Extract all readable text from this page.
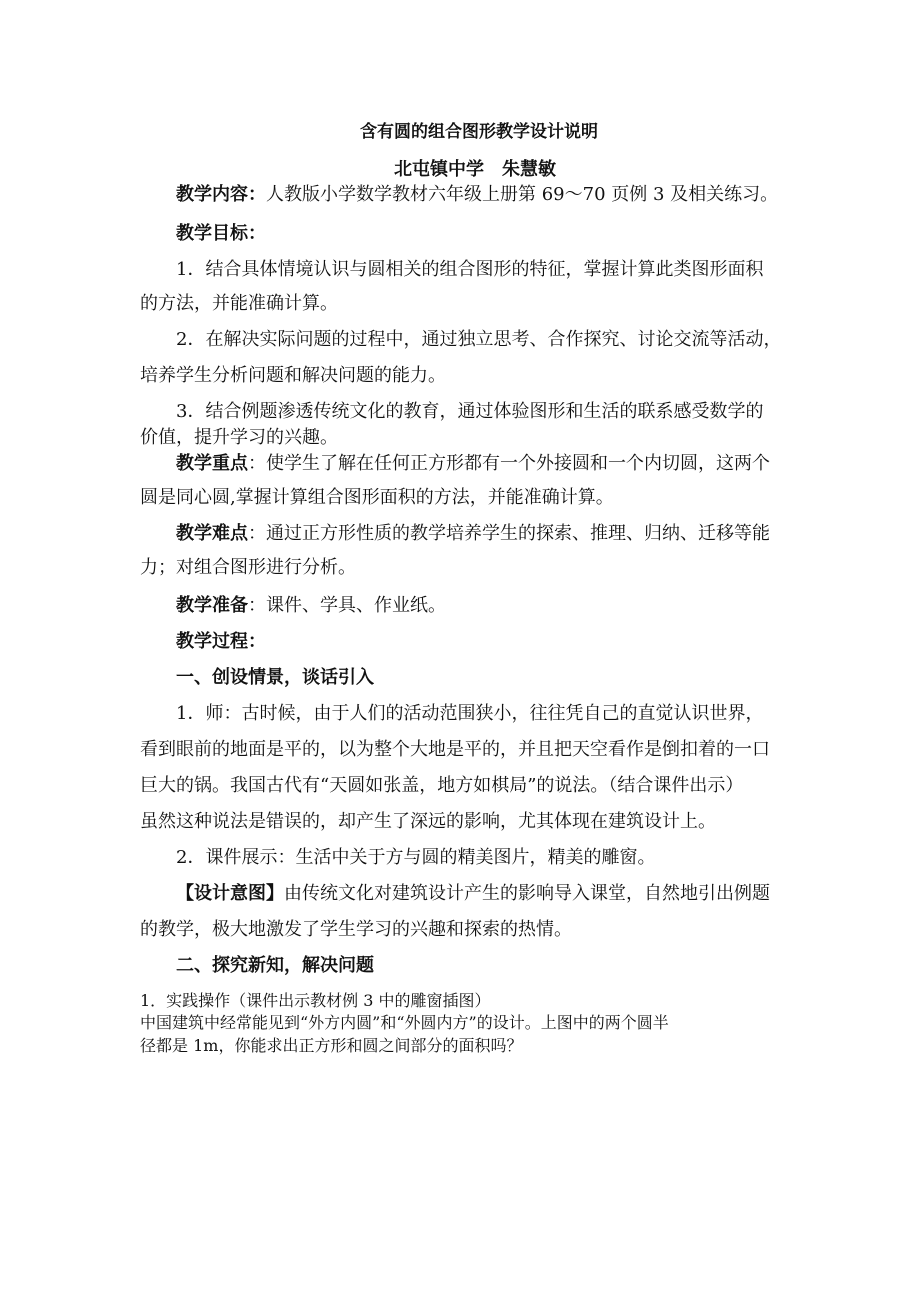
含有圆的组合图形教学设计说明
北屯镇中学　朱慧敏
教学内容：人教版小学数学教材六年级上册第 69～70 页例 3 及相关练习。
教学目标：
1．结合具体情境认识与圆相关的组合图形的特征，掌握计算此类图形面积
的方法，并能准确计算。
2．在解决实际问题的过程中，通过独立思考、合作探究、讨论交流等活动，
培养学生分析问题和解决问题的能力。
3．结合例题渗透传统文化的教育，通过体验图形和生活的联系感受数学的
价值，提升学习的兴趣。
教学重点：使学生了解在任何正方形都有一个外接圆和一个内切圆，这两个
圆是同心圆,掌握计算组合图形面积的方法，并能准确计算。
教学难点：通过正方形性质的教学培养学生的探索、推理、归纳、迁移等能
力；对组合图形进行分析。
教学准备：课件、学具、作业纸。
教学过程：
一、创设情景，谈话引入
1．师：古时候，由于人们的活动范围狭小，往往凭自己的直觉认识世界，
看到眼前的地面是平的，以为整个大地是平的，并且把天空看作是倒扣着的一口
巨大的锅。我国古代有“天圆如张盖，地方如棋局”的说法。（结合课件出示）
虽然这种说法是错误的，却产生了深远的影响，尤其体现在建筑设计上。
2．课件展示：生活中关于方与圆的精美图片，精美的雕窗。
【设计意图】由传统文化对建筑设计产生的影响导入课堂，自然地引出例题
的教学，极大地激发了学生学习的兴趣和探索的热情。
二、探究新知，解决问题
1．实践操作（课件出示教材例 3 中的雕窗插图）
中国建筑中经常能见到“外方内圆”和“外圆内方”的设计。上图中的两个圆半
径都是 1m，你能求出正方形和圆之间部分的面积吗？
